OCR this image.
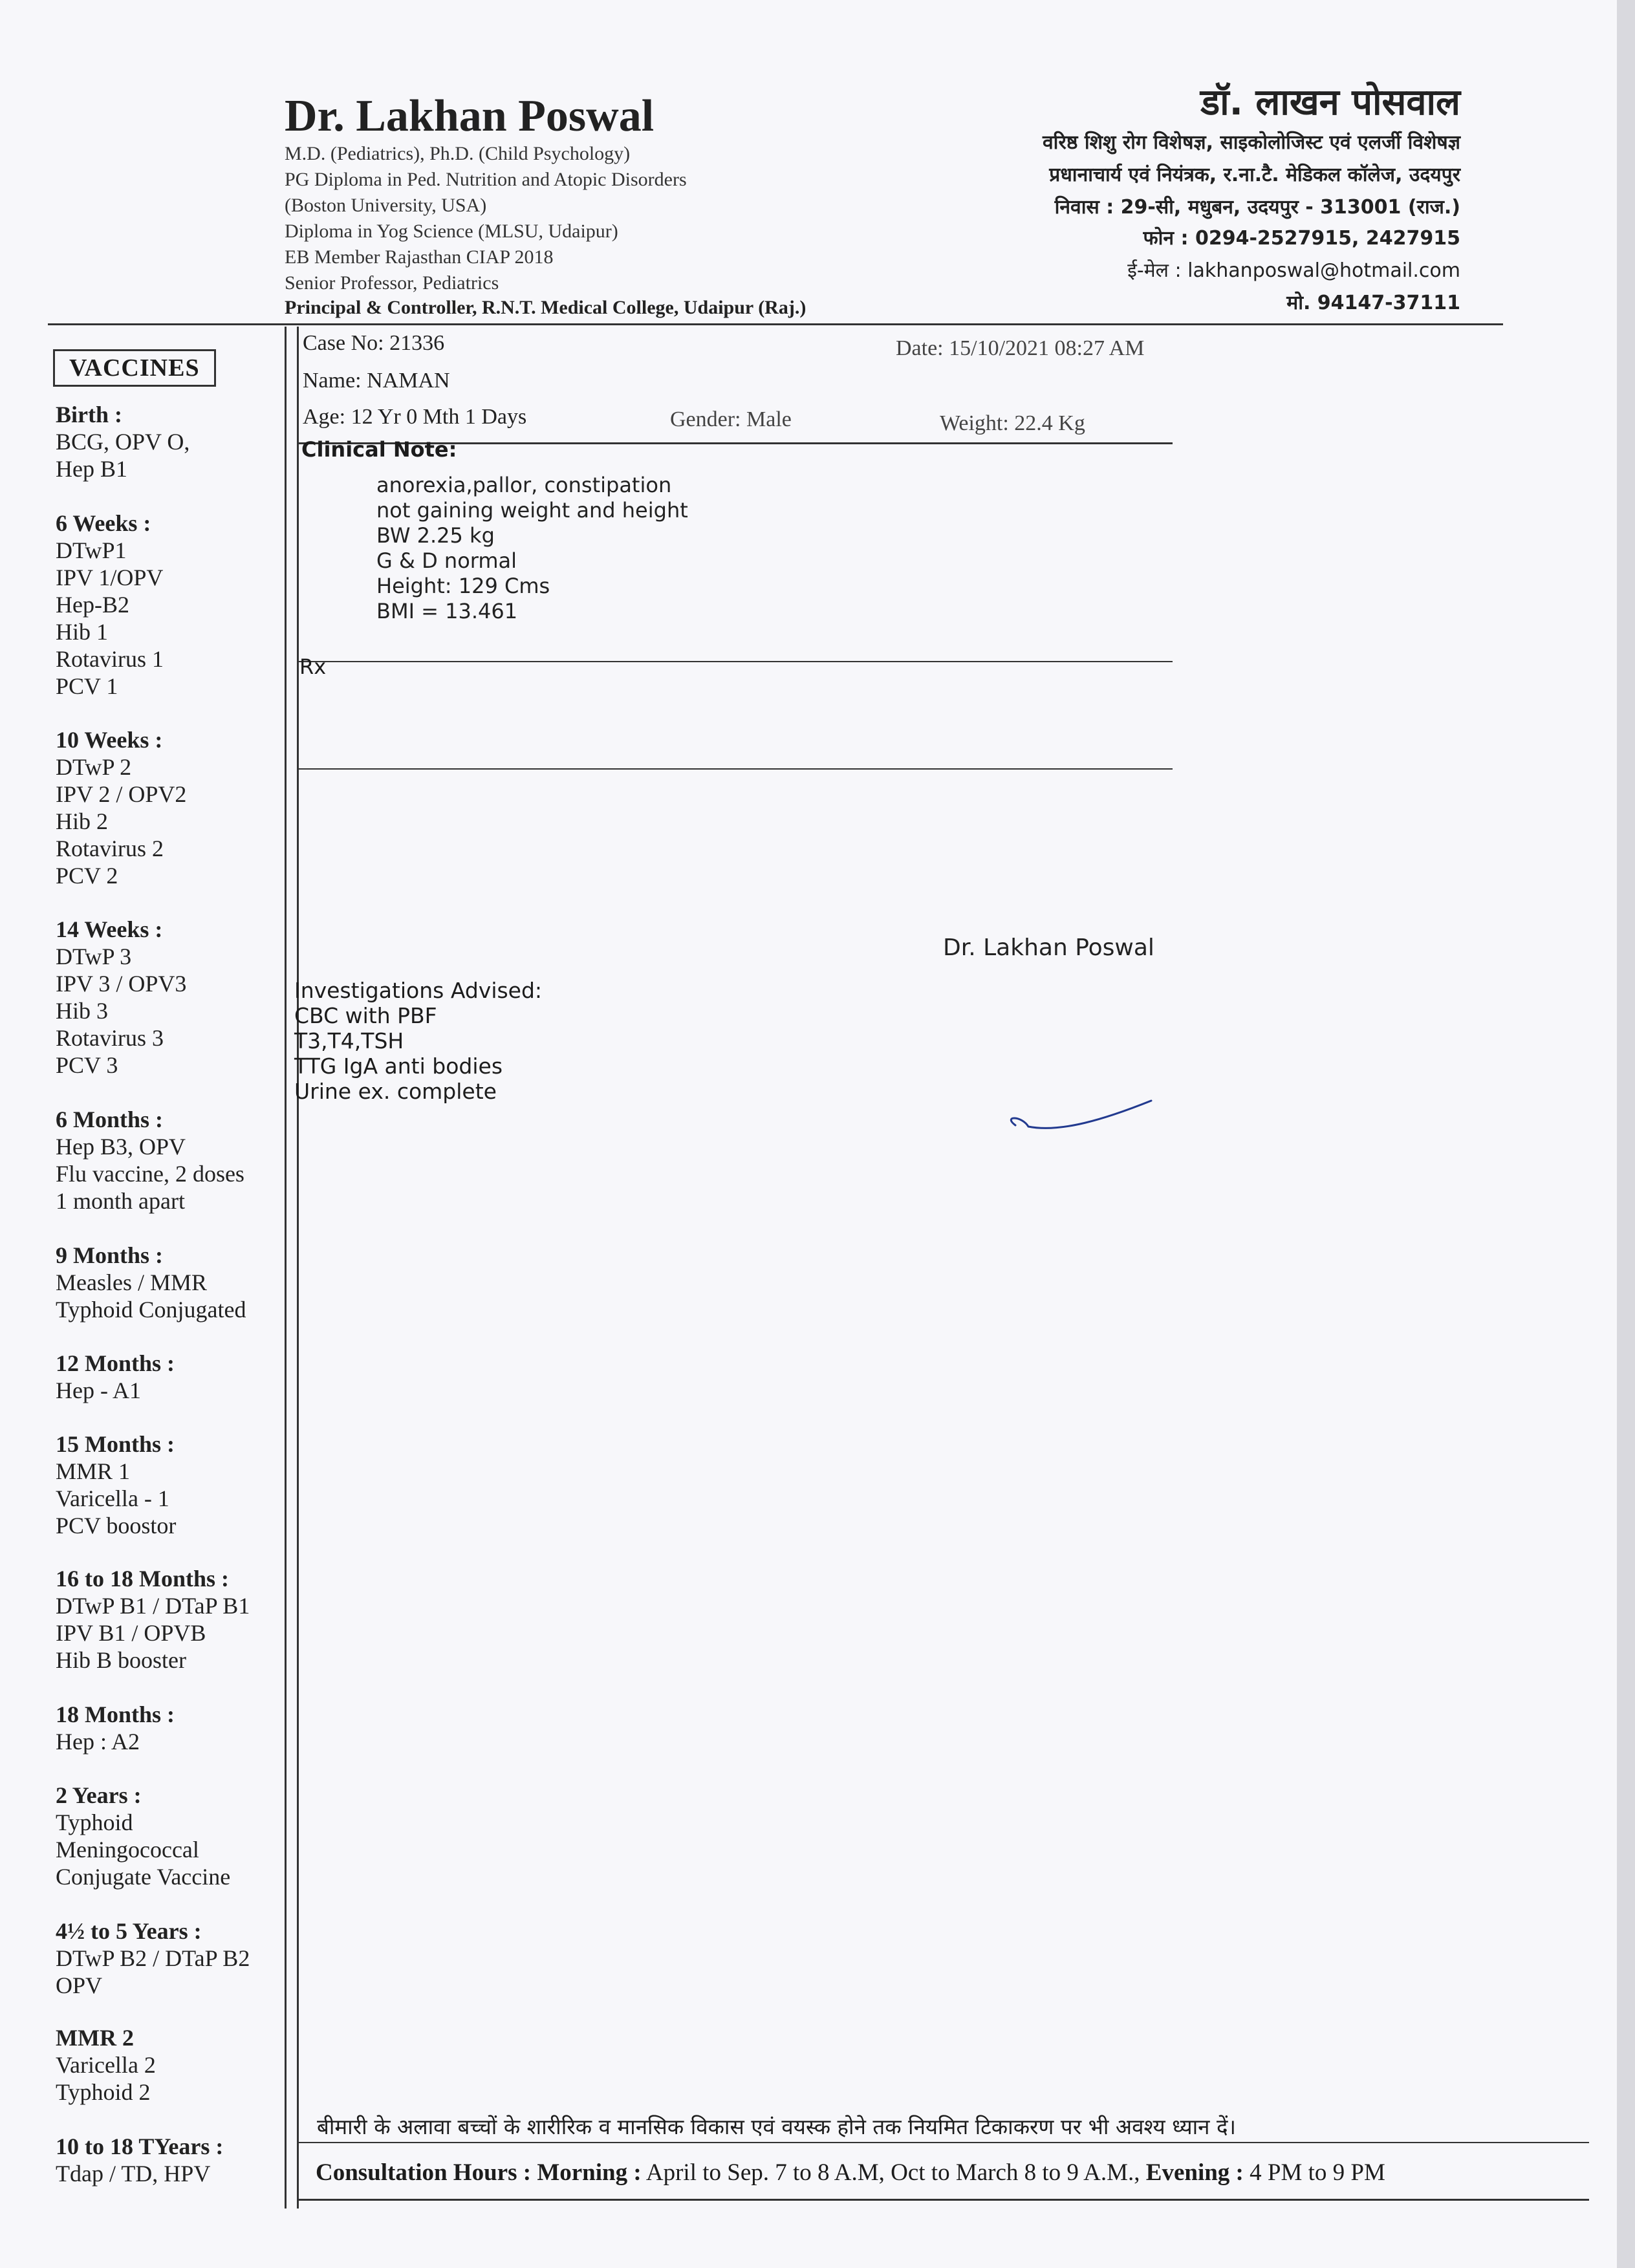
Dr. Lakhan Poswal
M.D. (Pediatrics), Ph.D. (Child Psychology)
PG Diploma in Ped. Nutrition and Atopic Disorders
(Boston University, USA)
Diploma in Yog Science (MLSU, Udaipur)
EB Member Rajasthan CIAP 2018
Senior Professor, Pediatrics
Principal & Controller, R.N.T. Medical College, Udaipur (Raj.)
डॉ. लाखन पोसवाल
वरिष्ठ शिशु रोग विशेषज्ञ, साइकोलोजिस्ट एवं एलर्जी विशेषज्ञ
प्रधानाचार्य एवं नियंत्रक, र.ना.टै. मेडिकल कॉलेज, उदयपुर
निवास : 29-सी, मधुबन, उदयपुर - 313001 (राज.)
फोन : 0294-2527915, 2427915
ई-मेल : lakhanposwal@hotmail.com
मो. 94147-37111
VACCINES
Birth :
BCG, OPV O,
Hep B1
6 Weeks :
DTwP1
IPV 1/OPV
Hep-B2
Hib 1
Rotavirus 1
PCV 1
10 Weeks :
DTwP 2
IPV 2 / OPV2
Hib 2
Rotavirus 2
PCV 2
14 Weeks :
DTwP 3
IPV 3 / OPV3
Hib 3
Rotavirus 3
PCV 3
6 Months :
Hep B3, OPV
Flu vaccine, 2 doses
1 month apart
9 Months :
Measles / MMR
Typhoid Conjugated
12 Months :
Hep - A1
15 Months :
MMR 1
Varicella - 1
PCV boostor
16 to 18 Months :
DTwP B1 / DTaP B1
IPV B1 / OPVB
Hib B booster
18 Months :
Hep : A2
2 Years :
Typhoid
Meningococcal
Conjugate Vaccine
4½ to 5 Years :
DTwP B2 / DTaP B2
OPV
MMR 2
Varicella 2
Typhoid 2
10 to 18 TYears :
Tdap / TD, HPV
Case No: 21336	Date: 15/10/2021 08:27 AM
Name: NAMAN
Age: 12 Yr 0 Mth 1 Days	Gender: Male	Weight: 22.4 Kg
Clinical Note:
anorexia,pallor, constipation
not gaining weight and height
BW 2.25 kg
G & D normal
Height: 129 Cms
BMI = 13.461
Rx
Dr. Lakhan Poswal
Investigations Advised:
CBC with PBF
T3,T4,TSH
TTG IgA anti bodies
Urine ex. complete
बीमारी के अलावा बच्चों के शारीरिक व मानसिक विकास एवं वयस्क होने तक नियमित टिकाकरण पर भी अवश्य ध्यान दें।
Consultation Hours : Morning : April to Sep. 7 to 8 A.M, Oct to March 8 to 9 A.M., Evening : 4 PM to 9 PM
